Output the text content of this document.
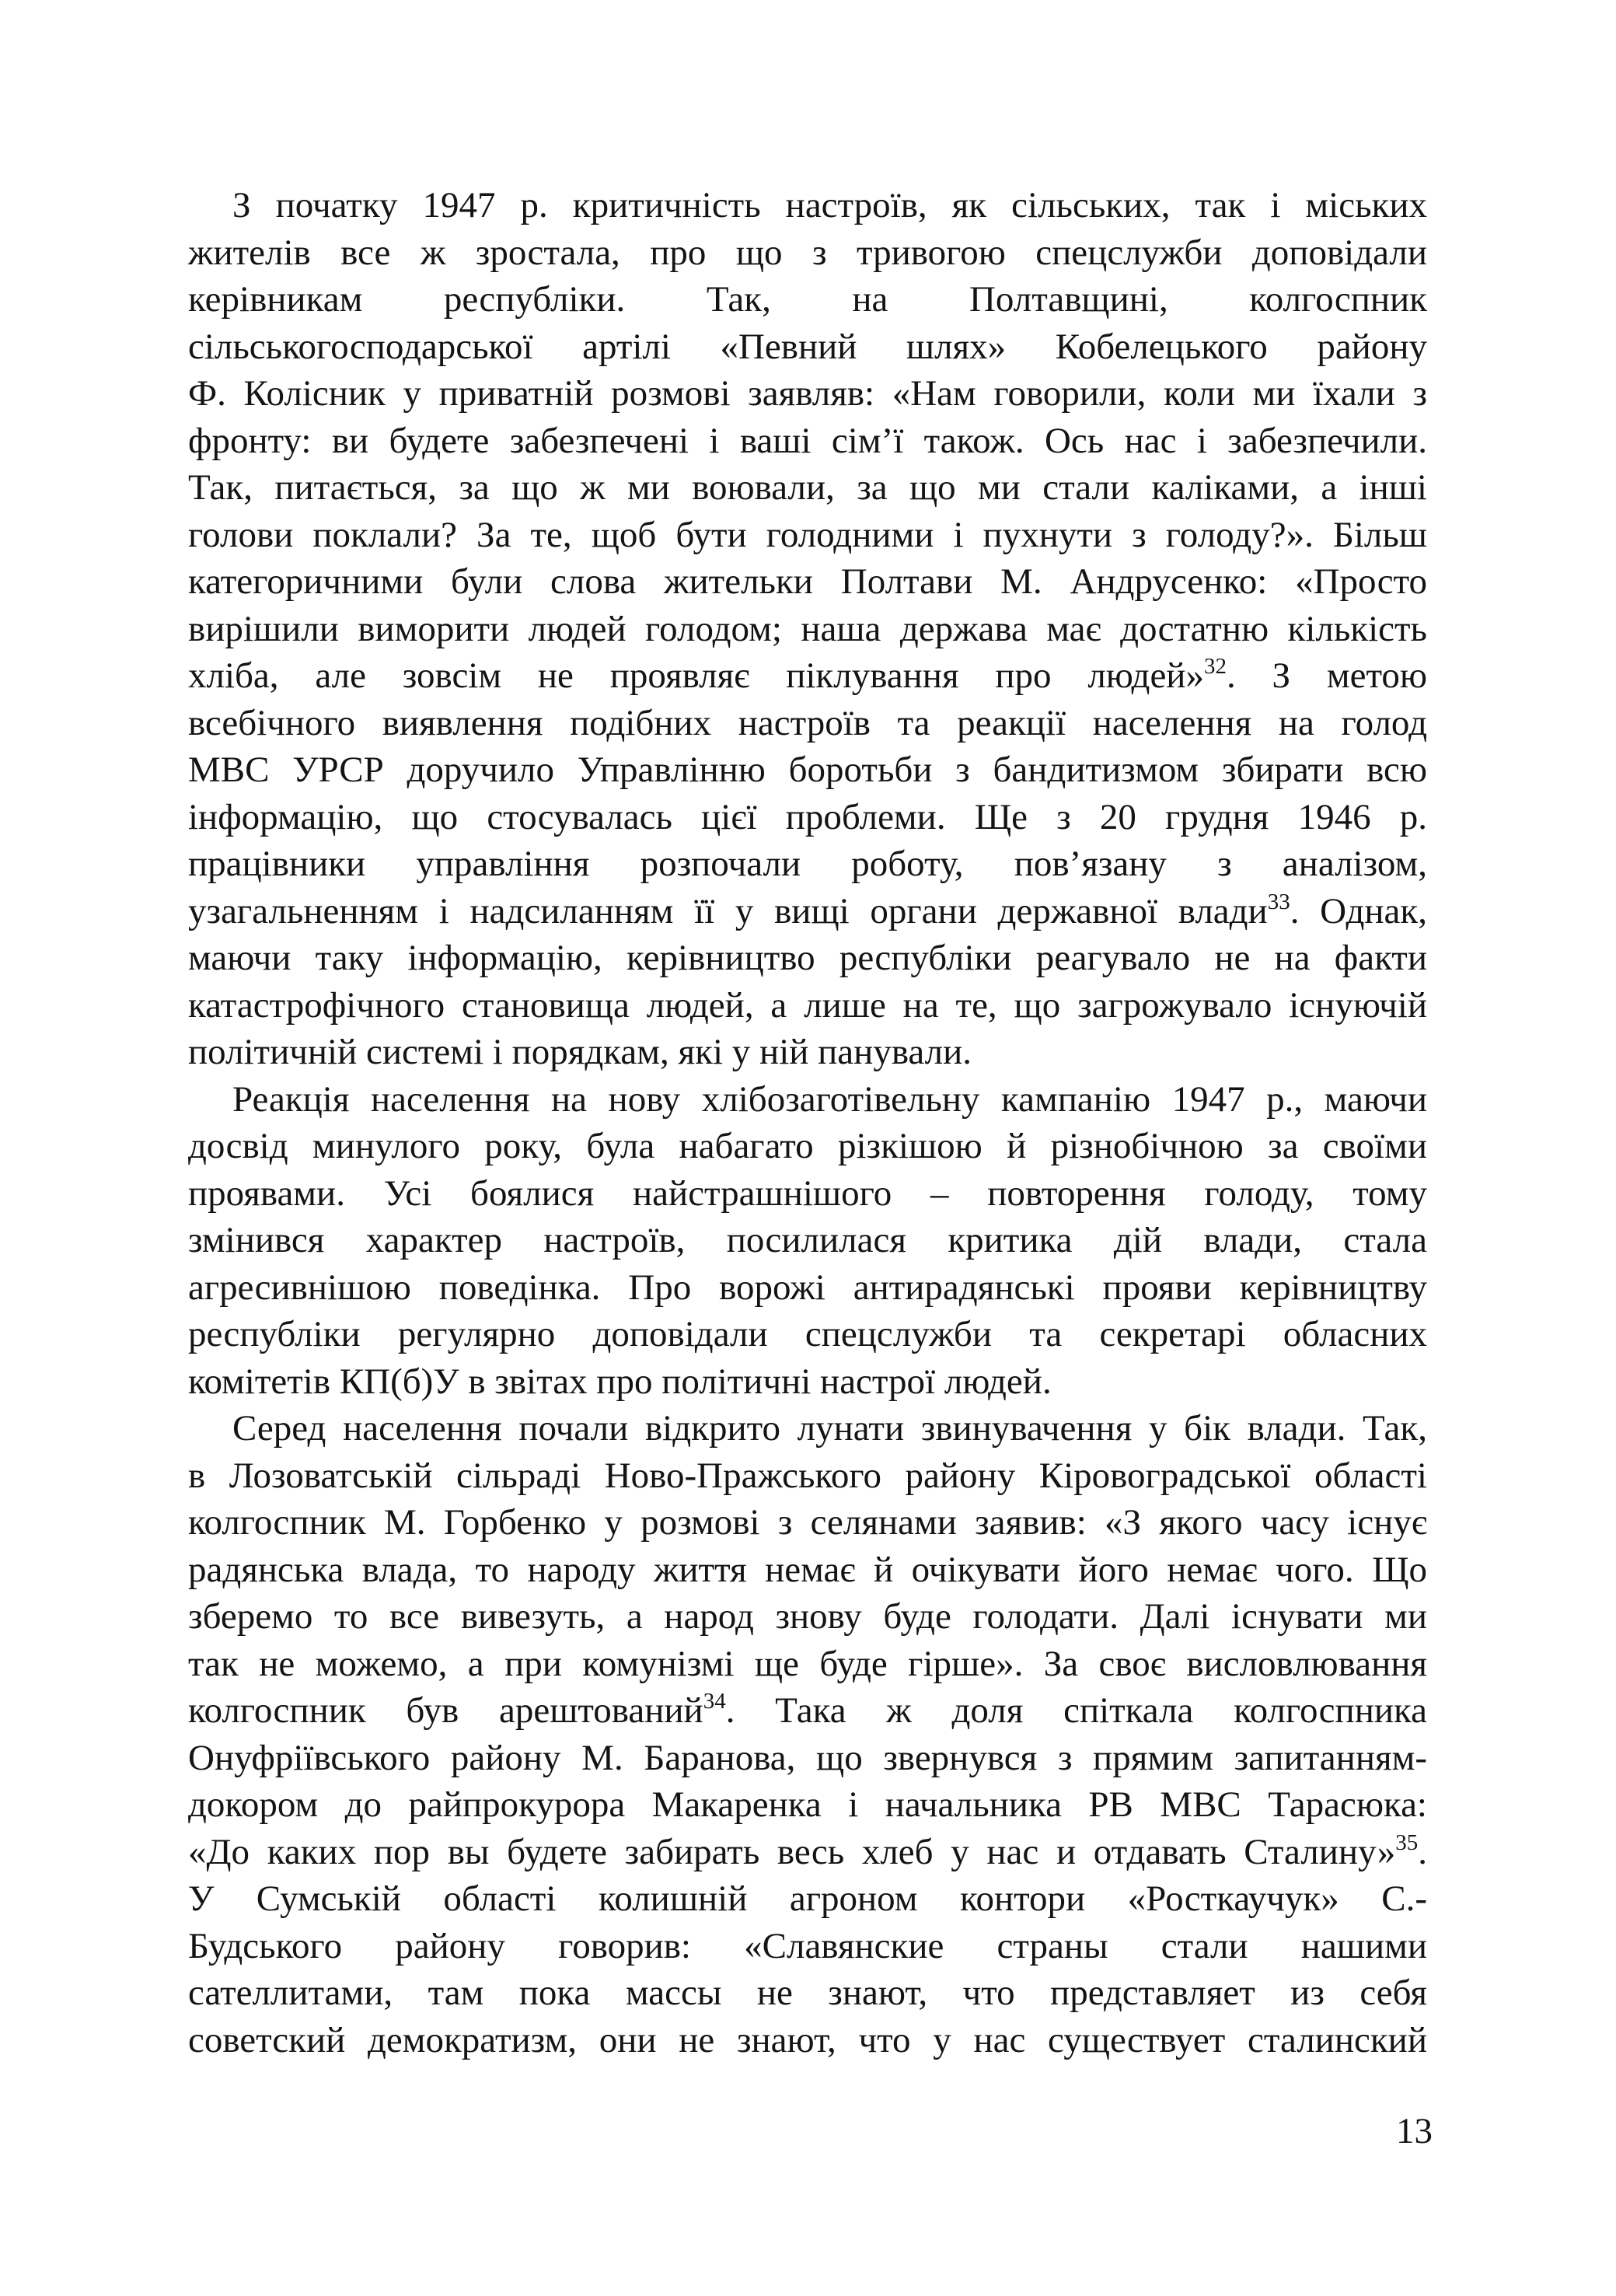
З початку 1947 р. критичність настроїв, як сільських, так і міських
жителів все ж зростала, про що з тривогою спецслужби доповідали
керівникам республіки. Так, на Полтавщині, колгоспник
сільськогосподарської артілі «Певний шлях» Кобелецького району
Ф. Колісник у приватній розмові заявляв: «Нам говорили, коли ми їхали з
фронту: ви будете забезпечені і ваші сім’ї також. Ось нас і забезпечили.
Так, питається, за що ж ми воювали, за що ми стали каліками, а інші
голови поклали? За те, щоб бути голодними і пухнути з голоду?». Більш
категоричними були слова жительки Полтави М. Андрусенко: «Просто
вирішили виморити людей голодом; наша держава має достатню кількість
хліба, але зовсім не проявляє піклування про людей»$^{32}$. З метою
всебічного виявлення подібних настроїв та реакції населення на голод
МВС УРСР доручило Управлінню боротьби з бандитизмом збирати всю
інформацію, що стосувалась цієї проблеми. Ще з 20 грудня 1946 р.
працівники управління розпочали роботу, пов’язану з аналізом,
узагальненням і надсиланням її у вищі органи державної влади$^{33}$. Однак,
маючи таку інформацію, керівництво республіки реагувало не на факти
катастрофічного становища людей, а лише на те, що загрожувало існуючій
політичній системі і порядкам, які у ній панували.
Реакція населення на нову хлібозаготівельну кампанію 1947 р., маючи
досвід минулого року, була набагато різкішою й різнобічною за своїми
проявами. Усі боялися найстрашнішого – повторення голоду, тому
змінився характер настроїв, посилилася критика дій влади, стала
агресивнішою поведінка. Про ворожі антирадянські прояви керівництву
республіки регулярно доповідали спецслужби та секретарі обласних
комітетів КП(б)У в звітах про політичні настрої людей.
Серед населення почали відкрито лунати звинувачення у бік влади. Так,
в Лозоватській сільраді Ново-Пражського району Кіровоградської області
колгоспник М. Горбенко у розмові з селянами заявив: «З якого часу існує
радянська влада, то народу життя немає й очікувати його немає чого. Що
зберемо то все вивезуть, а народ знову буде голодати. Далі існувати ми
так не можемо, а при комунізмі ще буде гірше». За своє висловлювання
колгоспник був арештований$^{34}$. Така ж доля спіткала колгоспника
Онуфріївського району М. Баранова, що звернувся з прямим запитанням-
докором до райпрокурора Макаренка і начальника РВ МВС Тарасюка:
«До каких пор вы будете забирать весь хлеб у нас и отдавать Сталину»$^{35}$.
У Сумській області колишній агроном контори «Росткаучук» С.-
Будського району говорив: «Славянские страны стали нашими
сателлитами, там пока массы не знают, что представляет из себя
советский демократизм, они не знают, что у нас существует сталинский
13
